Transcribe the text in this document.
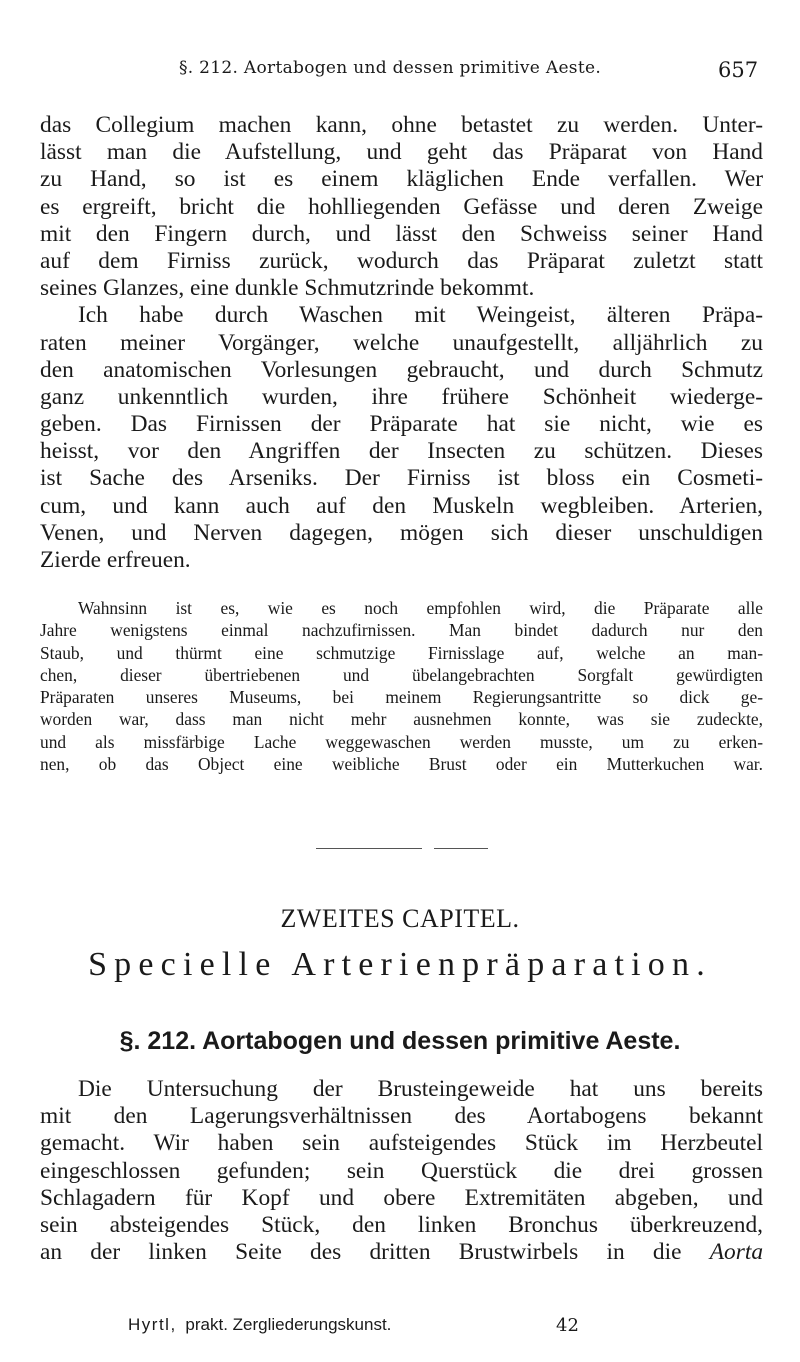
§. 212. Aortabogen und dessen primitive Aeste.	657
das Collegium machen kann, ohne betastet zu werden. Unter-
lässt man die Aufstellung, und geht das Präparat von Hand
zu Hand, so ist es einem kläglichen Ende verfallen. Wer
es ergreift, bricht die hohlliegenden Gefässe und deren Zweige
mit den Fingern durch, und lässt den Schweiss seiner Hand
auf dem Firniss zurück, wodurch das Präparat zuletzt statt
seines Glanzes, eine dunkle Schmutzrinde bekommt.
Ich habe durch Waschen mit Weingeist, älteren Präpa-
raten meiner Vorgänger, welche unaufgestellt, alljährlich zu
den anatomischen Vorlesungen gebraucht, und durch Schmutz
ganz unkenntlich wurden, ihre frühere Schönheit wiederge-
geben. Das Firnissen der Präparate hat sie nicht, wie es
heisst, vor den Angriffen der Insecten zu schützen. Dieses
ist Sache des Arseniks. Der Firniss ist bloss ein Cosmeti-
cum, und kann auch auf den Muskeln wegbleiben. Arterien,
Venen, und Nerven dagegen, mögen sich dieser unschuldigen
Zierde erfreuen.
Wahnsinn ist es, wie es noch empfohlen wird, die Präparate alle
Jahre wenigstens einmal nachzufirnissen. Man bindet dadurch nur den
Staub, und thürmt eine schmutzige Firnisslage auf, welche an man-
chen, dieser übertriebenen und übelangebrachten Sorgfalt gewürdigten
Präparaten unseres Museums, bei meinem Regierungsantritte so dick ge-
worden war, dass man nicht mehr ausnehmen konnte, was sie zudeckte,
und als missfärbige Lache weggewaschen werden musste, um zu erken-
nen, ob das Object eine weibliche Brust oder ein Mutterkuchen war.
ZWEITES CAPITEL.
Specielle Arterienpräparation.
§. 212. Aortabogen und dessen primitive Aeste.
Die Untersuchung der Brusteingeweide hat uns bereits
mit den Lagerungsverhältnissen des Aortabogens bekannt
gemacht. Wir haben sein aufsteigendes Stück im Herzbeutel
eingeschlossen gefunden; sein Querstück die drei grossen
Schlagadern für Kopf und obere Extremitäten abgeben, und
sein absteigendes Stück, den linken Bronchus überkreuzend,
an der linken Seite des dritten Brustwirbels in die Aorta
Hyrtl, prakt. Zergliederungskunst.	42
